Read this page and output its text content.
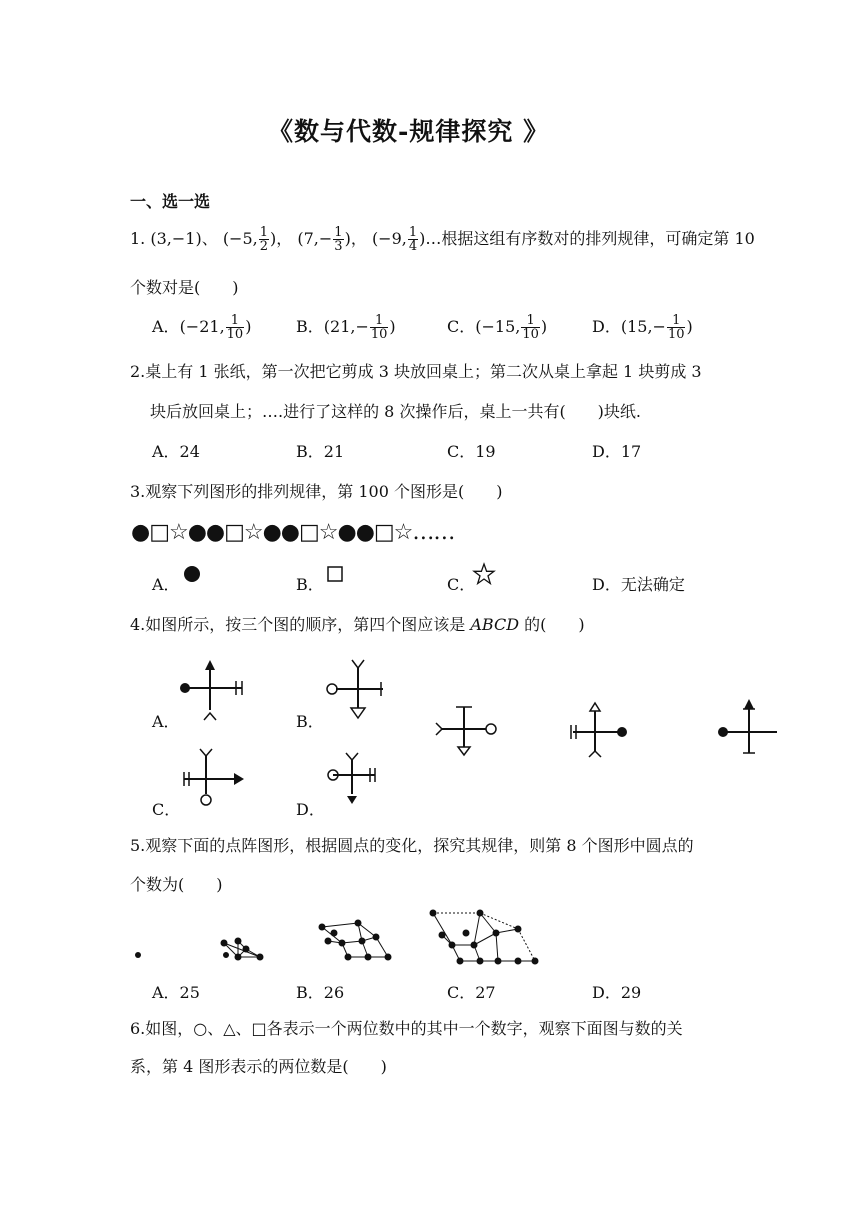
《数与代数-规律探究 》
一、选一选
1. (3,−1)、 (−5, $\frac{1}{2}$ )， ($7,- \frac{1}{3}$ )， (−9, $\frac{1}{4}$ )…根据这组有序数对的排列规律，可确定第 10
个数对是(　　)
A．(−21, $\frac{1}{10}$ )	B．($21,- \frac{1}{10}$ )	C．(−15, $\frac{1}{10}$ )	D．($15,- \frac{1}{10}$ )
2.桌上有 1 张纸，第一次把它剪成 3 块放回桌上；第二次从桌上拿起 1 块剪成 3
块后放回桌上；….进行了这样的 8 次操作后，桌上一共有(　　)块纸.
A．24	B．21	C．19	D．17
3.观察下列图形的排列规律，第 100 个图形是(　　)
●□☆●●□☆●●□☆●●□☆……
A．	B．	C．	D．无法确定
4.如图所示，按三个图的顺序，第四个图应该是 ABCD 的(　　)
A．	B．
C．	D．
5.观察下面的点阵图形，根据圆点的变化，探究其规律，则第 8 个图形中圆点的
个数为(　　)
A．25	B．26	C．27	D．29
6.如图，○、△、□各表示一个两位数中的其中一个数字，观察下面图与数的关
系，第 4 图形表示的两位数是(　　)
